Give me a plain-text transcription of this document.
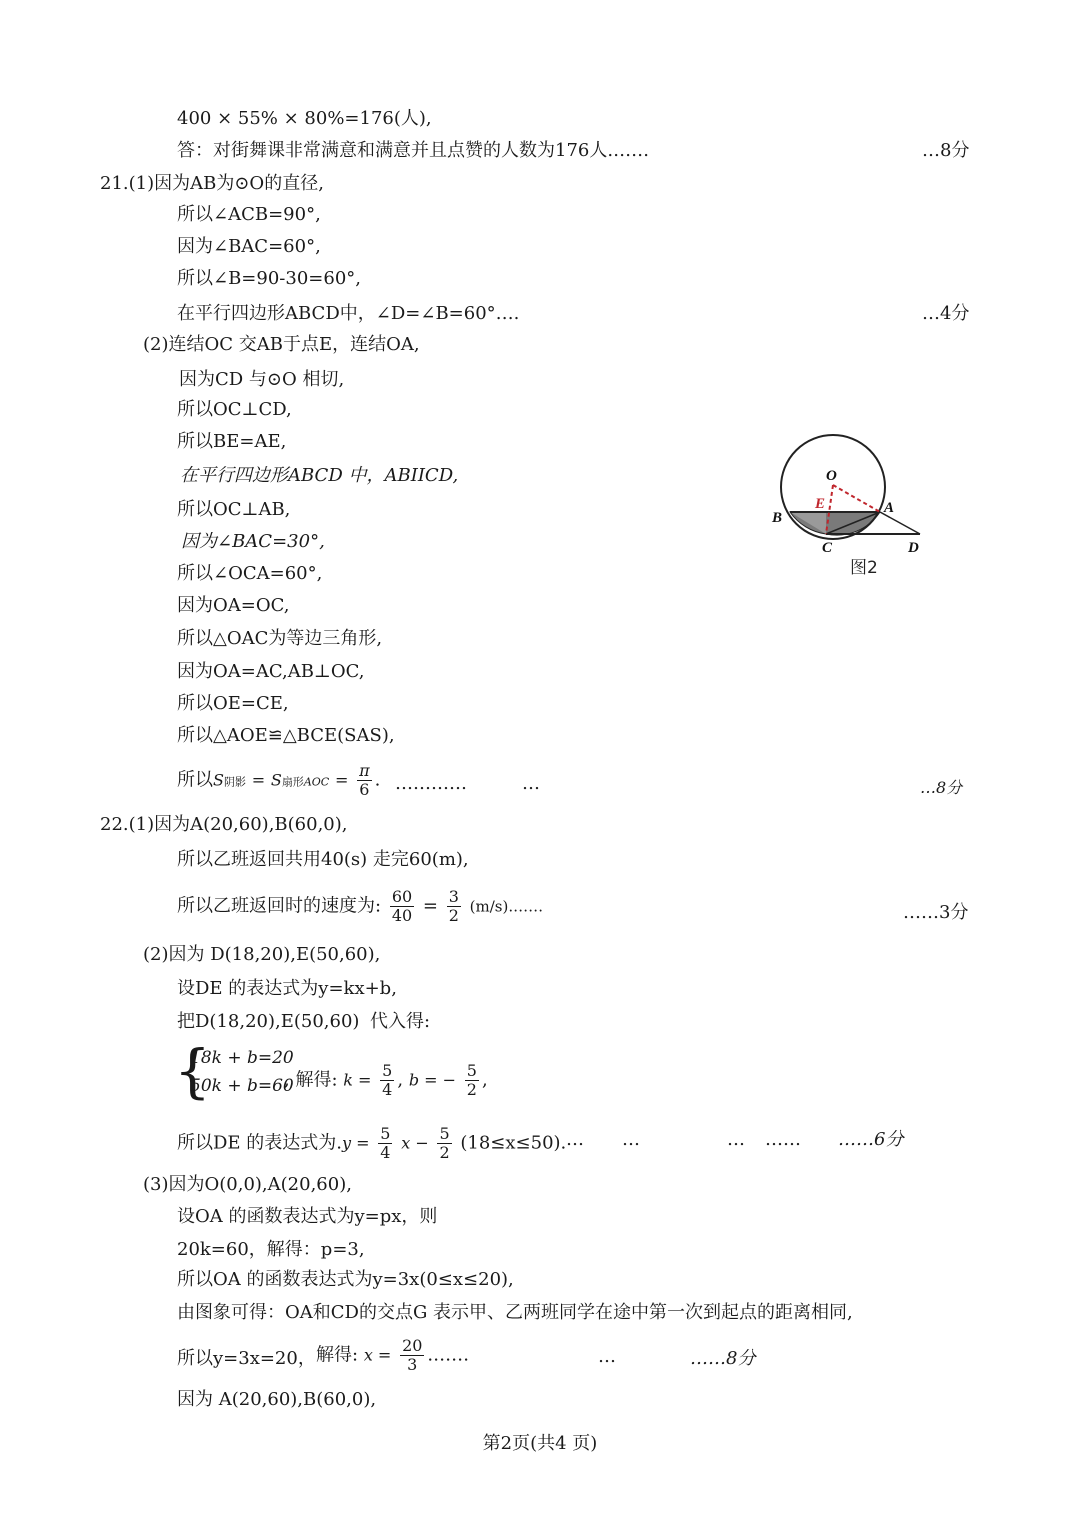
400 × 55% × 80%=176(人),
答：对街舞课非常满意和满意并且点赞的人数为176人.……	…8分
21.(1)因为AB为⊙O的直径,
所以∠ACB=90°,
因为∠BAC=60°,
所以∠B=90-30=60°,
在平行四边形ABCD中，∠D=∠B=60°….	…4分
(2)连结OC 交AB于点E，连结OA,
因为CD 与⊙O 相切,
所以OC⊥CD,
所以BE=AE,
在平行四边形ABCD 中，ABIICD,
所以OC⊥AB,
因为∠BAC=30°,
所以∠OCA=60°,
因为OA=OC,
所以△OAC为等边三角形,
因为OA=AC,AB⊥OC,
所以OE=CE,
所以△AOE≌△BCE(SAS),
所以S阴影 = S扇形AOC = $\frac{\pi}{6}$ . …………	…	…8分
22.(1)因为A(20,60),B(60,0),
所以乙班返回共用40(s) 走完60(m),
所以乙班返回时的速度为: $\frac{60}{40} = \frac{3}{2}$ (m/s).……	……3分
(2)因为 D(18,20),E(50,60),
设DE 的表达式为y=kx+b,
把D(18,20),E(50,60) 代入得:
{
18k + b=20
50k + b=60
, 解得: $k = \frac{5}{4}$ , b = − $\frac{5}{2}$ ,
所以DE 的表达式为$.y = \frac{5}{4}$ $x - \frac{5}{2} (18\le x\le 50)$. … …	… …… ……6分
(3)因为O(0,0),A(20,60),
设OA 的函数表达式为y=px，则
20k=60，解得：p=3,
所以OA 的函数表达式为y=3x(0≤x≤20),
由图象可得：OA和CD的交点G 表示甲、乙两班同学在途中第一次到起点的距离相同,
所以y=3x=20， 解得: $x = \frac{20}{3}$ .……	…	……8分
因为 A(20,60),B(60,0),
O
E	A
B
C	D
图2
第2页(共4 页)
